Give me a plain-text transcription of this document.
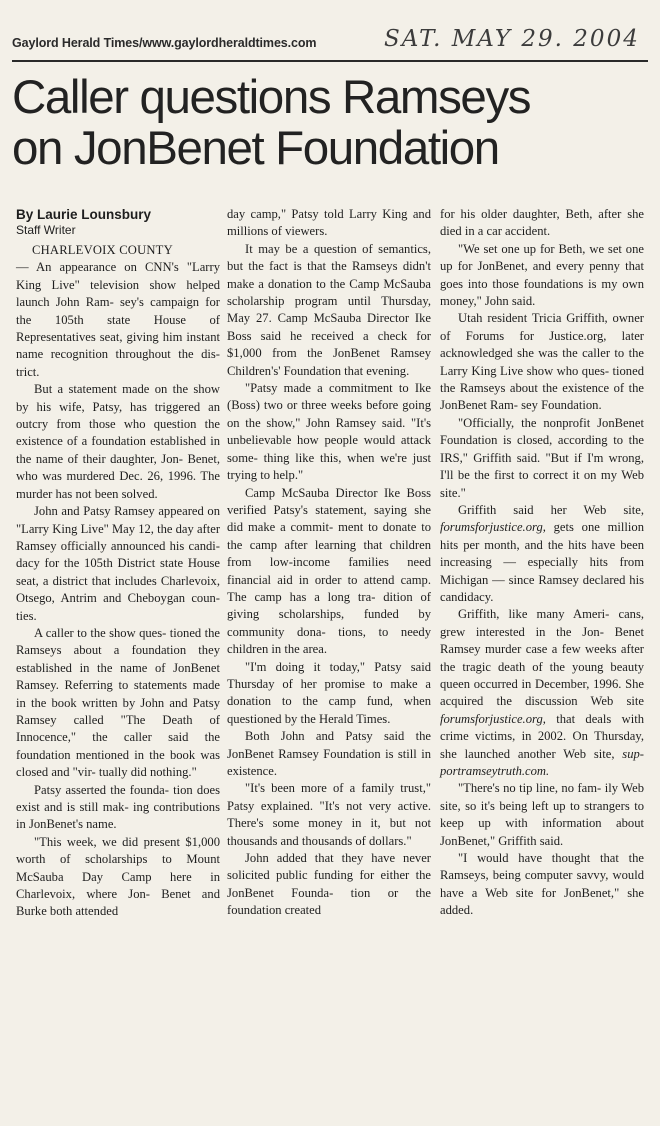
Gaylord Herald Times/www.gaylordheraldtimes.com	SAT. MAY 29. 2004
Caller questions Ramseys
on JonBenet Foundation
By Laurie Lounsbury
Staff Writer
CHARLEVOIX COUNTY

— An appearance on CNN's "Larry King Live" television show helped launch John Ram- sey's campaign for the 105th state House of Representatives seat, giving him instant name recognition throughout the dis- trict.

But a statement made on the show by his wife, Patsy, has triggered an outcry from those who question the existence of a foundation established in the name of their daughter, Jon- Benet, who was murdered Dec. 26, 1996. The murder has not been solved.

John and Patsy Ramsey appeared on "Larry King Live" May 12, the day after Ramsey officially announced his candi- dacy for the 105th District state House seat, a district that includes Charlevoix, Otsego, Antrim and Cheboygan coun- ties.

A caller to the show ques- tioned the Ramseys about a foundation they established in the name of JonBenet Ramsey. Referring to statements made in the book written by John and Patsy Ramsey called "The Death of Innocence," the caller said the foundation mentioned in the book was closed and "vir- tually did nothing."

Patsy asserted the founda- tion does exist and is still mak- ing contributions in JonBenet's name.

"This week, we did present $1,000 worth of scholarships to Mount McSauba Day Camp here in Charlevoix, where Jon- Benet and Burke both attended

day camp," Patsy told Larry King and millions of viewers.

It may be a question of semantics, but the fact is that the Ramseys didn't make a donation to the Camp McSauba scholarship program until Thursday, May 27. Camp McSauba Director Ike Boss said he received a check for $1,000 from the JonBenet Ramsey Children's' Foundation that evening.

"Patsy made a commitment to Ike (Boss) two or three weeks before going on the show," John Ramsey said. "It's unbelievable how people would attack some- thing like this, when we're just trying to help."

Camp McSauba Director Ike Boss verified Patsy's statement, saying she did make a commit- ment to donate to the camp after learning that children from low-income families need financial aid in order to attend camp. The camp has a long tra- dition of giving scholarships, funded by community dona- tions, to needy children in the area.

"I'm doing it today," Patsy said Thursday of her promise to make a donation to the camp fund, when questioned by the Herald Times.

Both John and Patsy said the JonBenet Ramsey Foundation is still in existence.

"It's been more of a family trust," Patsy explained. "It's not very active. There's some money in it, but not thousands and thousands of dollars."

John added that they have never solicited public funding for either the JonBenet Founda- tion or the foundation created

for his older daughter, Beth, after she died in a car accident.

"We set one up for Beth, we set one up for JonBenet, and every penny that goes into those foundations is my own money," John said.

Utah resident Tricia Griffith, owner of Forums for Justice.org, later acknowledged she was the caller to the Larry King Live show who ques- tioned the Ramseys about the existence of the JonBenet Ram- sey Foundation.

"Officially, the nonprofit JonBenet Foundation is closed, according to the IRS," Griffith said. "But if I'm wrong, I'll be the first to correct it on my Web site."

Griffith said her Web site, forumsforjustice.org, gets one million hits per month, and the hits have been increasing — especially hits from Michigan — since Ramsey declared his candidacy.

Griffith, like many Ameri- cans, grew interested in the Jon- Benet Ramsey murder case a few weeks after the tragic death of the young beauty queen occurred in December, 1996. She acquired the discussion Web site forumsforjustice.org, that deals with crime victims, in 2002. On Thursday, she launched another Web site, sup- portramseytruth.com.

"There's no tip line, no fam- ily Web site, so it's being left up to strangers to keep up with information about JonBenet," Griffith said.

"I would have thought that the Ramseys, being computer savvy, would have a Web site for JonBenet," she added.
